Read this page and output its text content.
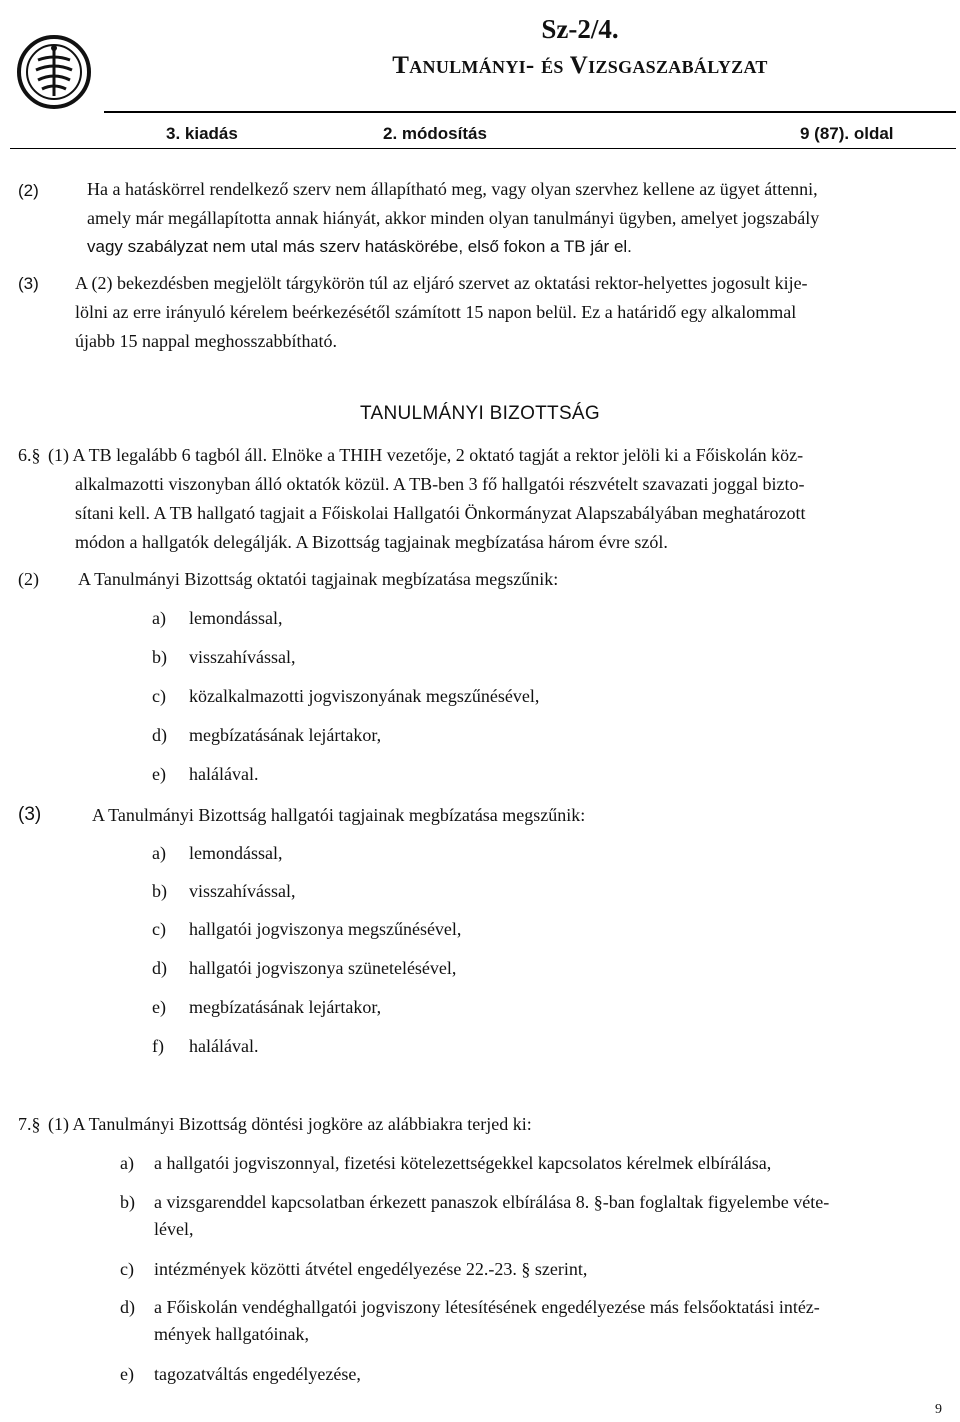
Sz-2/4.
Tanulmányi- és Vizsgaszabályzat
3. kiadás	2. módosítás	9 (87). oldal
(2)	Ha a hatáskörrel rendelkező szerv nem állapítható meg, vagy olyan szervhez kellene az ügyet áttenni,
amely már megállapította annak hiányát, akkor minden olyan tanulmányi ügyben, amelyet jogszabály
vagy szabályzat nem utal más szerv hatáskörébe, első fokon a TB jár el.
(3) A (2) bekezdésben megjelölt tárgykörön túl az eljáró szervet az oktatási rektor-helyettes jogosult kije-
lölni az erre irányuló kérelem beérkezésétől számított 15 napon belül. Ez a határidő egy alkalommal
újabb 15 nappal meghosszabbítható.
TANULMÁNYI BIZOTTSÁG
6.§ (1) A TB legalább 6 tagból áll. Elnöke a THIH vezetője, 2 oktató tagját a rektor jelöli ki a Főiskolán köz-
alkalmazotti viszonyban álló oktatók közül. A TB-ben 3 fő hallgatói részvételt szavazati joggal bizto-
sítani kell. A TB hallgató tagjait a Főiskolai Hallgatói Önkormányzat Alapszabályában meghatározott
módon a hallgatók delegálják. A Bizottság tagjainak megbízatása három évre szól.
(2) A Tanulmányi Bizottság oktatói tagjainak megbízatása megszűnik:
a) lemondással,
b) visszahívással,
c) közalkalmazotti jogviszonyának megszűnésével,
d) megbízatásának lejártakor,
e) halálával.
(3)	A Tanulmányi Bizottság hallgatói tagjainak megbízatása megszűnik:
a) lemondással,
b) visszahívással,
c) hallgatói jogviszonya megszűnésével,
d) hallgatói jogviszonya szünetelésével,
e) megbízatásának lejártakor,
f) halálával.
7.§ (1) A Tanulmányi Bizottság döntési jogköre az alábbiakra terjed ki:
a) a hallgatói jogviszonnyal, fizetési kötelezettségekkel kapcsolatos kérelmek elbírálása,
b) a vizsgarenddel kapcsolatban érkezett panaszok elbírálása 8. §-ban foglaltak figyelembe véte-
lével,
c) intézmények közötti átvétel engedélyezése 22.-23. § szerint,
d) a Főiskolán vendéghallgatói jogviszony létesítésének engedélyezése más felsőoktatási intéz-
mények hallgatóinak,
e) tagozatváltás engedélyezése,
9
